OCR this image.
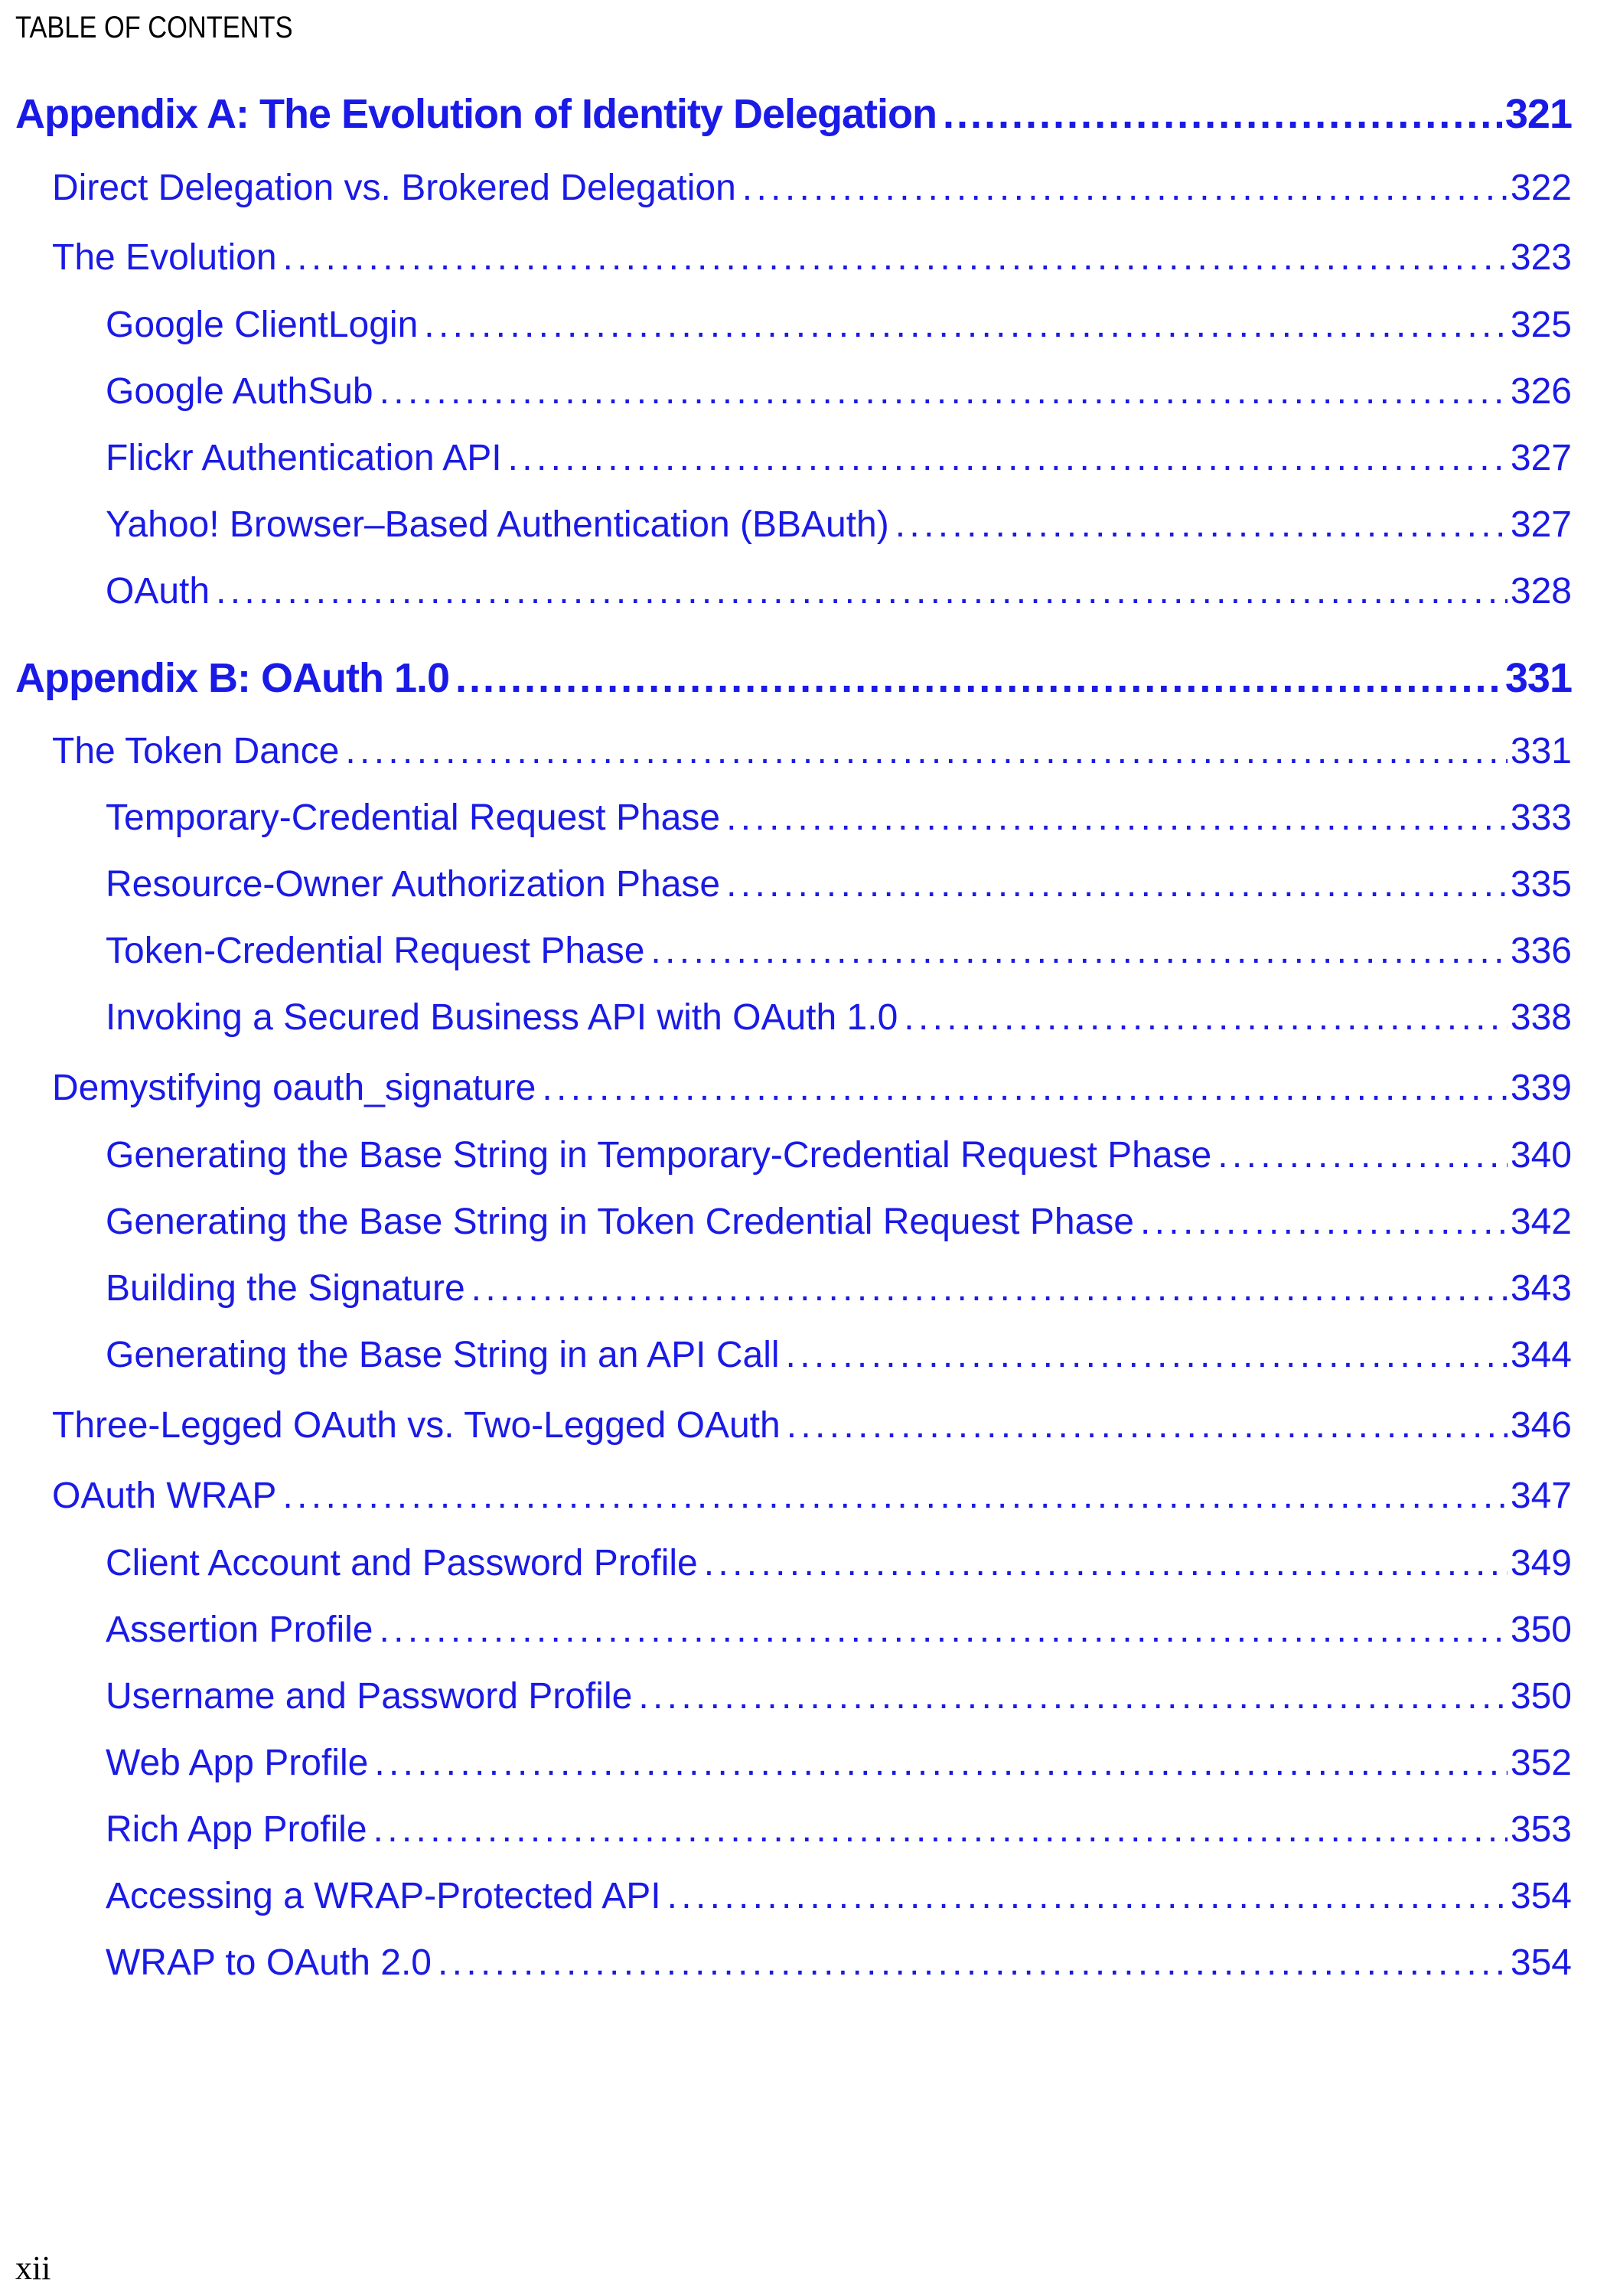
TABLE OF CONTENTS
Appendix A: The Evolution of Identity Delegation . . .	321
Direct Delegation vs. Brokered Delegation . . .	322
The Evolution . . .	323
Google ClientLogin . . .	325
Google AuthSub . . .	326
Flickr Authentication API . . .	327
Yahoo! Browser–Based Authentication (BBAuth) . . .	327
OAuth . . .	328
Appendix B: OAuth 1.0 . . .	331
The Token Dance . . .	331
Temporary-Credential Request Phase . . .	333
Resource-Owner Authorization Phase . . .	335
Token-Credential Request Phase . . .	336
Invoking a Secured Business API with OAuth 1.0 . . .	338
Demystifying oauth_signature . . .	339
Generating the Base String in Temporary-Credential Request Phase . . .	340
Generating the Base String in Token Credential Request Phase . . .	342
Building the Signature . . .	343
Generating the Base String in an API Call . . .	344
Three-Legged OAuth vs. Two-Legged OAuth . . .	346
OAuth WRAP . . .	347
Client Account and Password Profile . . .	349
Assertion Profile . . .	350
Username and Password Profile . . .	350
Web App Profile . . .	352
Rich App Profile . . .	353
Accessing a WRAP-Protected API . . .	354
WRAP to OAuth 2.0 . . .	354
xii
